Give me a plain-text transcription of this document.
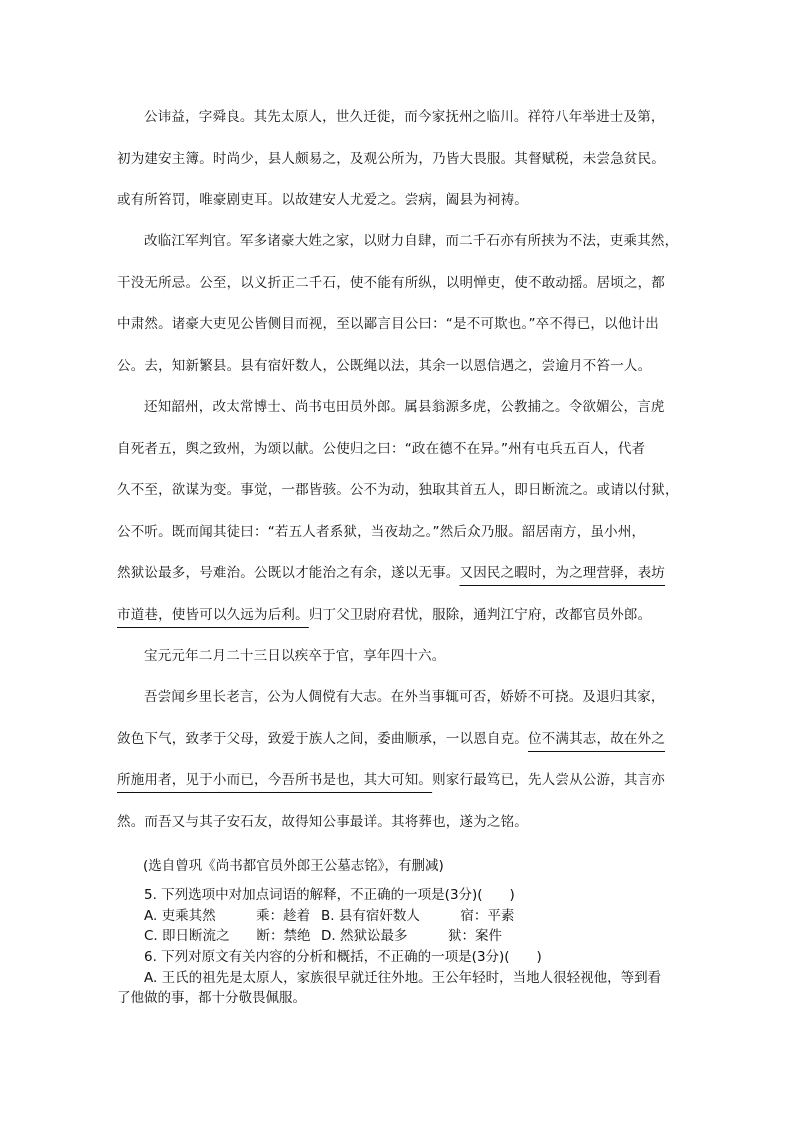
公讳益，字舜良。其先太原人，世久迁徙，而今家抚州之临川。祥符八年举进士及第，
初为建安主簿。时尚少，县人颇易之，及观公所为，乃皆大畏服。其督赋税，未尝急贫民。
或有所笞罚，唯豪剧吏耳。以故建安人尤爱之。尝病，阖县为祠祷。
改临江军判官。军多诸豪大姓之家，以财力自肆，而二千石亦有所挟为不法，吏乘其然，
干没无所忌。公至，以义折正二千石，使不能有所纵，以明惮吏，使不敢动摇。居顷之，都
中肃然。诸豪大吏见公皆侧目而视，至以鄙言目公曰：“是不可欺也。”卒不得已，以他计出
公。去，知新繁县。县有宿奸数人，公既绳以法，其余一以恩信遇之，尝逾月不笞一人。
还知韶州，改太常博士、尚书屯田员外郎。属县翁源多虎，公教捕之。令欲媚公，言虎
自死者五，舆之致州，为颂以献。公使归之曰：“政在德不在异。”州有屯兵五百人，代者
久不至，欲谋为变。事觉，一郡皆骇。公不为动，独取其首五人，即日断流之。或请以付狱，
公不听。既而闻其徒曰：“若五人者系狱，当夜劫之。”然后众乃服。韶居南方，虽小州，
然狱讼最多，号难治。公既以才能治之有余，遂以无事。又因民之暇时，为之理营驿，表坊
市道巷，使皆可以久远为后利。归丁父卫尉府君忧，服除，通判江宁府，改都官员外郎。
宝元元年二月二十三日以疾卒于官，享年四十六。
吾尝闻乡里长老言，公为人倜傥有大志。在外当事辄可否，娇娇不可挠。及退归其家，
敛色下气，致孝于父母，致爱于族人之间，委曲顺承，一以恩自克。位不满其志，故在外之
所施用者，见于小而已，今吾所书是也，其大可知。则家行最笃已，先人尝从公游，其言亦
然。而吾又与其子安石友，故得知公事最详。其将葬也，遂为之铭。

(选自曾巩《尚书都官员外郎王公墓志铭》，有删减)

5. 下列选项中对加点词语的解释，不正确的一项是(3分)(　　)
A. 吏乘其然　　　乘：趁着 B. 县有宿奸数人　　　宿：平素
C. 即日断流之　　断：禁绝 D. 然狱讼最多　　　狱：案件
6. 下列对原文有关内容的分析和概括，不正确的一项是(3分)(　　)
A. 王氏的祖先是太原人，家族很早就迁往外地。王公年轻时，当地人很轻视他，等到看
了他做的事，都十分敬畏佩服。
